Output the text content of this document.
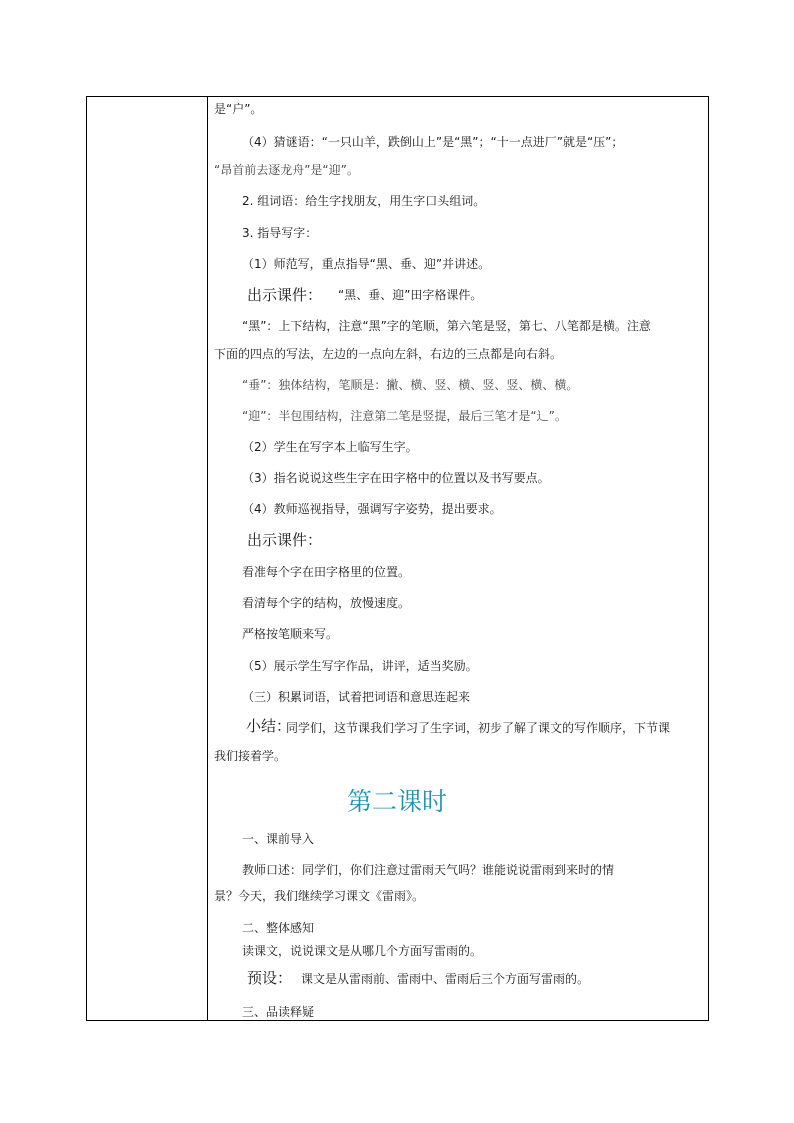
是“户”。
（4）猜谜语：“一只山羊，跌倒山上”是“黑”；“十一点进厂”就是“压”；
“昂首前去逐龙舟”是“迎”。
2. 组词语：给生字找朋友，用生字口头组词。
3. 指导写字：
（1）师范写，重点指导“黑、垂、迎”并讲述。
出示课件： “黑、垂、迎”田字格课件。
“黑”：上下结构，注意“黑”字的笔顺，第六笔是竖，第七、八笔都是横。注意
下面的四点的写法，左边的一点向左斜，右边的三点都是向右斜。
“垂”：独体结构，笔顺是：撇、横、竖、横、竖、竖、横、横。
“迎”：半包围结构，注意第二笔是竖提，最后三笔才是“辶”。
（2）学生在写字本上临写生字。
（3）指名说说这些生字在田字格中的位置以及书写要点。
（4）教师巡视指导，强调写字姿势，提出要求。
出示课件：
看准每个字在田字格里的位置。
看清每个字的结构，放慢速度。
严格按笔顺来写。
（5）展示学生写字作品，讲评，适当奖励。
（三）积累词语，试着把词语和意思连起来
小结：
同学们，这节课我们学习了生字词，初步了解了课文的写作顺序，下节课
我们接着学。
第二课时
一、课前导入
教师口述：同学们，你们注意过雷雨天气吗？谁能说说雷雨到来时的情
景？今天，我们继续学习课文《雷雨》。
二、整体感知
读课文，说说课文是从哪几个方面写雷雨的。
预设： 课文是从雷雨前、雷雨中、雷雨后三个方面写雷雨的。
三、品读释疑
